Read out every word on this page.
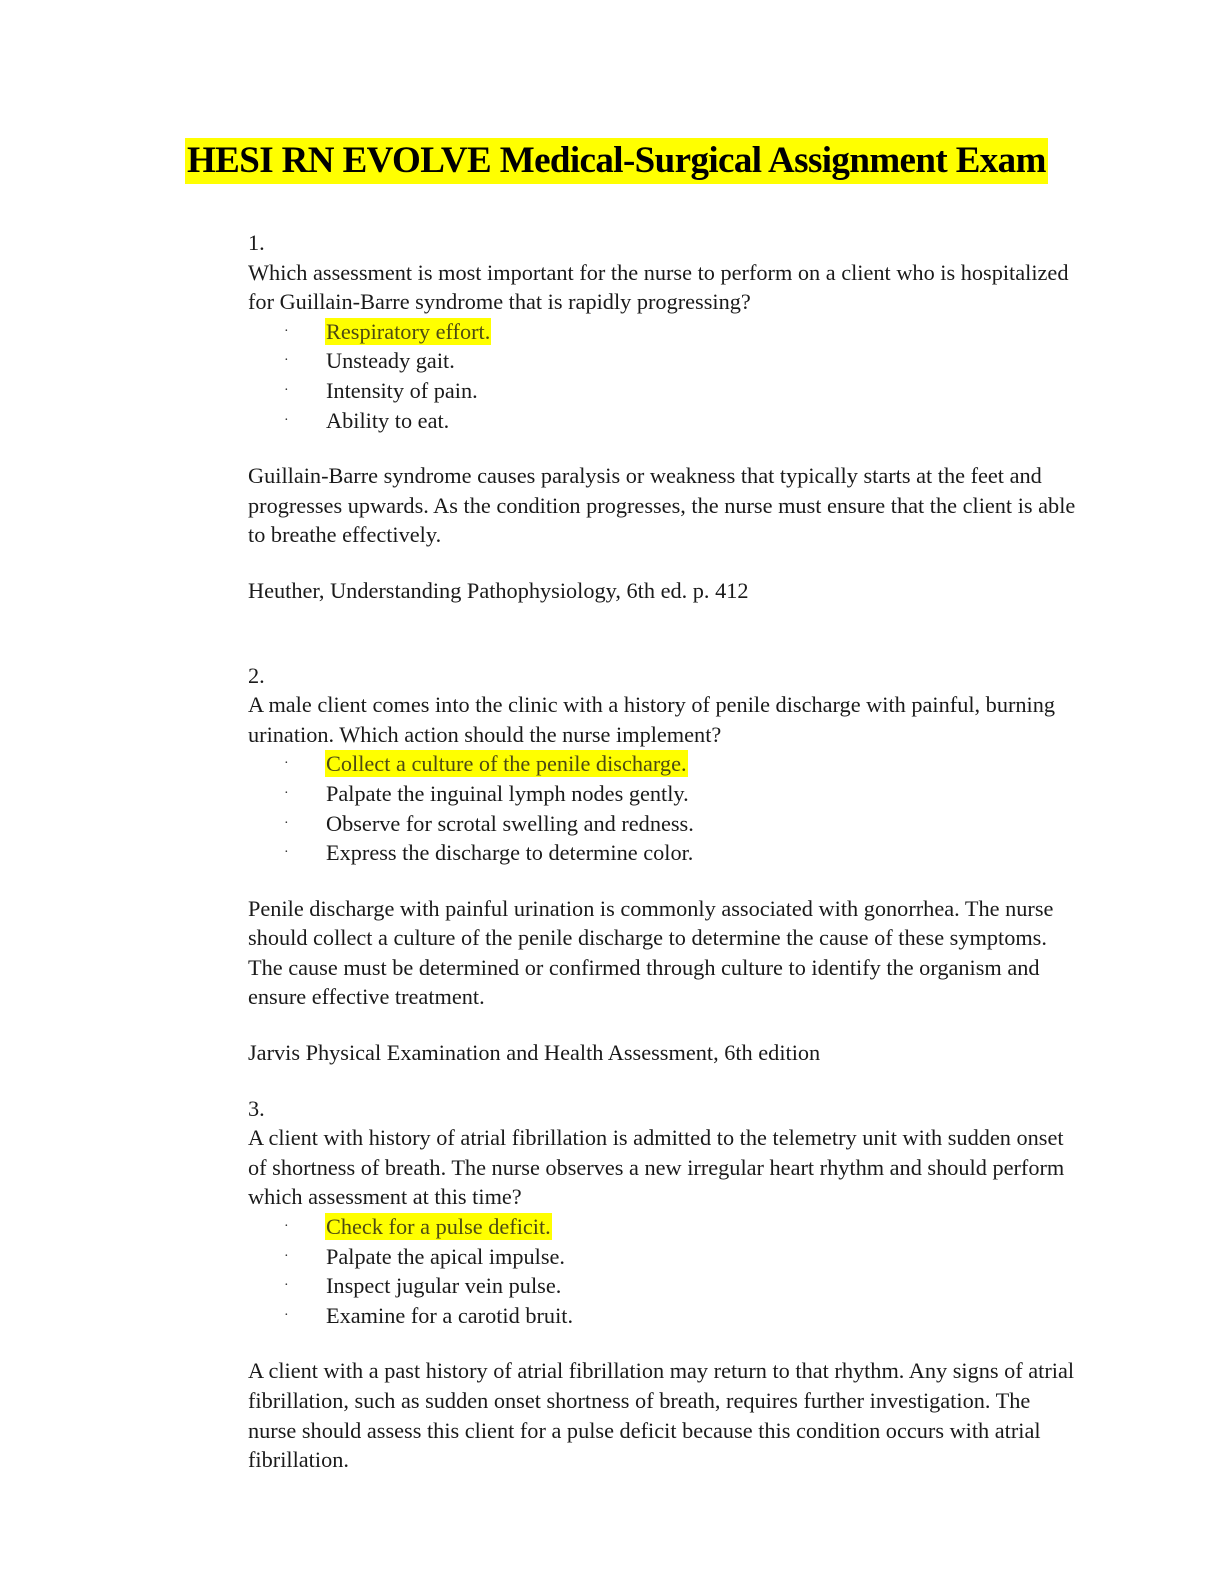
HESI RN EVOLVE Medical-Surgical Assignment Exam

1.

Which assessment is most important for the nurse to perform on a client who is hospitalized for Guillain-Barre syndrome that is rapidly progressing?

· Respiratory effort.
· Unsteady gait.
· Intensity of pain.
· Ability to eat.

Guillain-Barre syndrome causes paralysis or weakness that typically starts at the feet and progresses upwards. As the condition progresses, the nurse must ensure that the client is able to breathe effectively.

Heuther, Understanding Pathophysiology, 6th ed. p. 412

2.

A male client comes into the clinic with a history of penile discharge with painful, burning urination. Which action should the nurse implement?

· Collect a culture of the penile discharge.
· Palpate the inguinal lymph nodes gently.
· Observe for scrotal swelling and redness.
· Express the discharge to determine color.

Penile discharge with painful urination is commonly associated with gonorrhea. The nurse should collect a culture of the penile discharge to determine the cause of these symptoms. The cause must be determined or confirmed through culture to identify the organism and ensure effective treatment.

Jarvis Physical Examination and Health Assessment, 6th edition

3.

A client with history of atrial fibrillation is admitted to the telemetry unit with sudden onset of shortness of breath. The nurse observes a new irregular heart rhythm and should perform which assessment at this time?

· Check for a pulse deficit.
· Palpate the apical impulse.
· Inspect jugular vein pulse.
· Examine for a carotid bruit.

A client with a past history of atrial fibrillation may return to that rhythm. Any signs of atrial fibrillation, such as sudden onset shortness of breath, requires further investigation. The nurse should assess this client for a pulse deficit because this condition occurs with atrial fibrillation.
